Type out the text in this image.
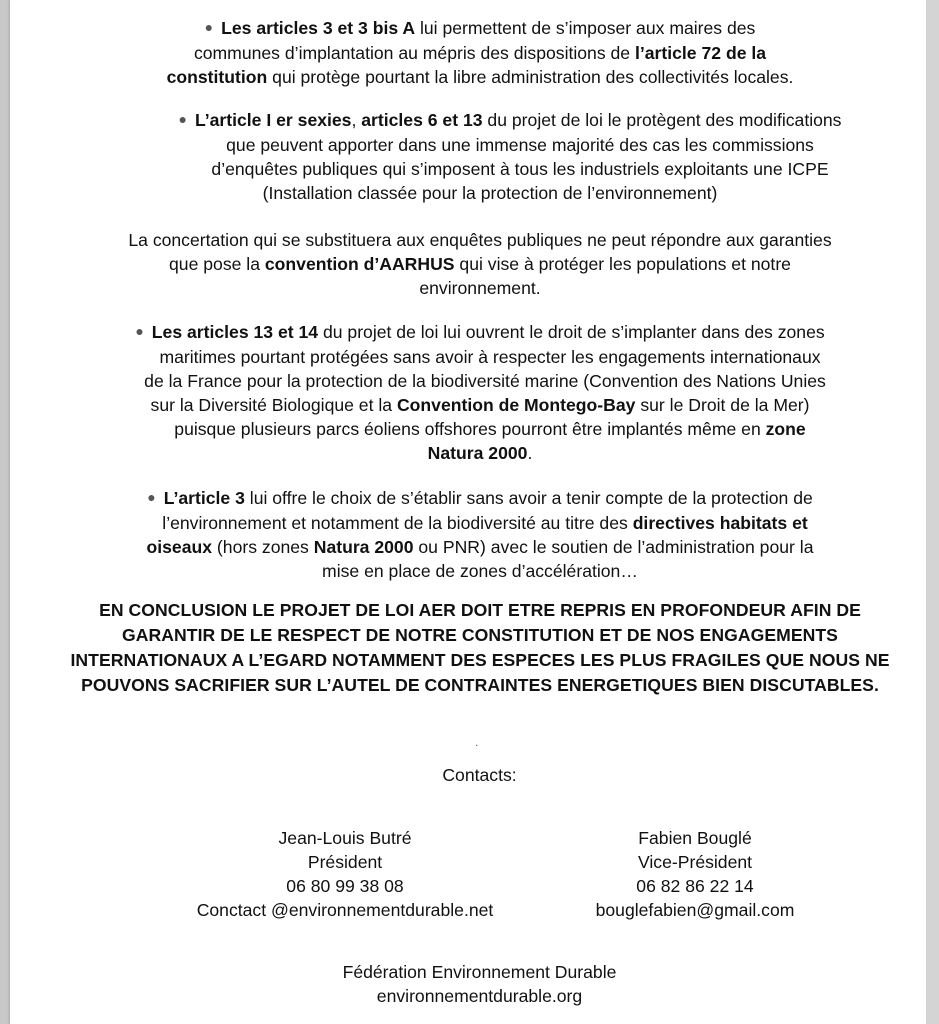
● Les articles 3 et 3 bis A lui permettent de s’imposer aux maires des

communes d’implantation au mépris des dispositions de l’article 72 de la

constitution qui protège pourtant la libre administration des collectivités locales.

● L’article I er sexies, articles 6 et 13 du projet de loi le protègent des modifications

que peuvent apporter dans une immense majorité des cas les commissions

d’enquêtes publiques qui s’imposent à tous les industriels exploitants une ICPE

(Installation classée pour la protection de l’environnement)

La concertation qui se substituera aux enquêtes publiques ne peut répondre aux garanties

que pose la convention d’AARHUS qui vise à protéger les populations et notre

environnement.

● Les articles 13 et 14 du projet de loi lui ouvrent le droit de s’implanter dans des zones

maritimes pourtant protégées sans avoir à respecter les engagements internationaux

de la France pour la protection de la biodiversité marine (Convention des Nations Unies

sur la Diversité Biologique et la Convention de Montego-Bay sur le Droit de la Mer)

puisque plusieurs parcs éoliens offshores pourront être implantés même en zone

Natura 2000.

● L’article 3 lui offre le choix de s’établir sans avoir a tenir compte de la protection de

l’environnement et notamment de la biodiversité au titre des directives habitats et

oiseaux (hors zones Natura 2000 ou PNR) avec le soutien de l’administration pour la

mise en place de zones d’accélération…

EN CONCLUSION LE PROJET DE LOI AER DOIT ETRE REPRIS EN PROFONDEUR AFIN DE GARANTIR DE LE RESPECT DE NOTRE CONSTITUTION ET DE NOS ENGAGEMENTS INTERNATIONAUX A L’EGARD NOTAMMENT DES ESPECES LES PLUS FRAGILES QUE NOUS NE POUVONS SACRIFIER SUR L’AUTEL DE CONTRAINTES ENERGETIQUES BIEN DISCUTABLES.
.
Contacts:
Jean-Louis Butré
Président
06 80 99 38 08
Conctact @environnementdurable.net
Fabien Bouglé
Vice-Président
06 82 86 22 14
bouglefabien@gmail.com
Fédération Environnement Durable
environnementdurable.org
